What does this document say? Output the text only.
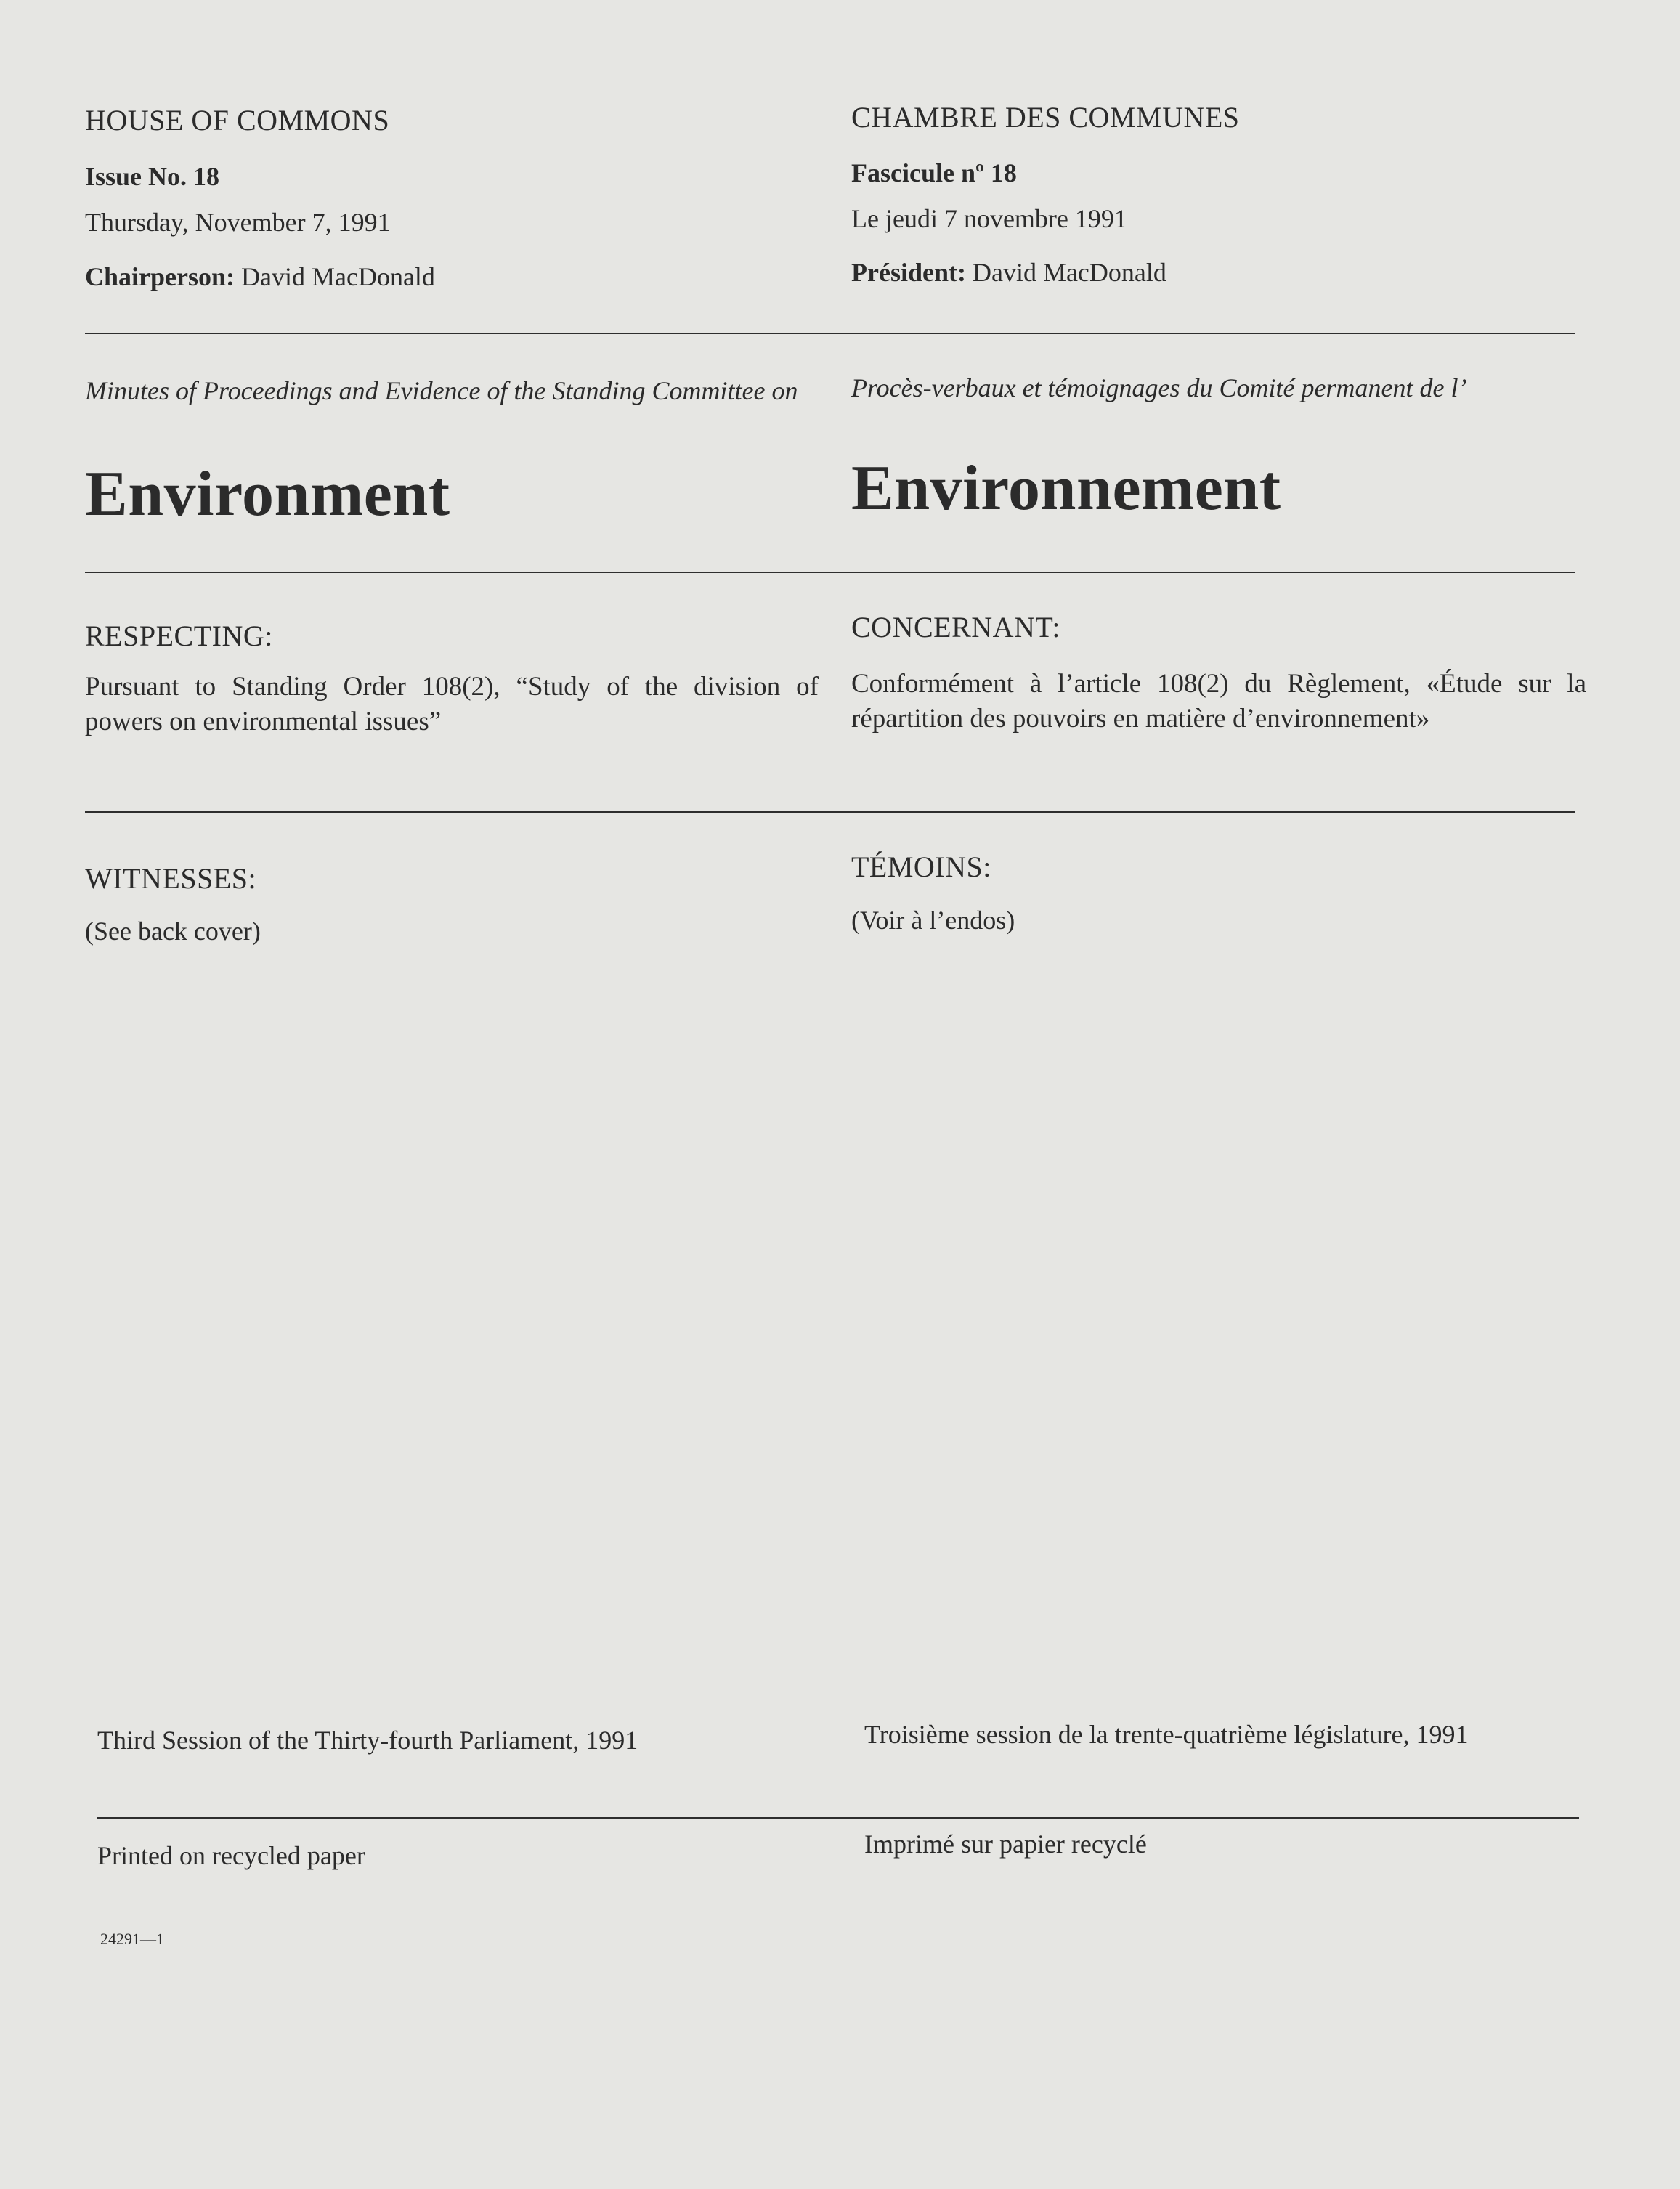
HOUSE OF COMMONS
Issue No. 18
Thursday, November 7, 1991
Chairperson: David MacDonald
Minutes of Proceedings and Evidence of the Standing Committee on
Environment
RESPECTING:
Pursuant to Standing Order 108(2), “Study of the division of powers on environmental issues”
WITNESSES:
(See back cover)
Third Session of the Thirty-fourth Parliament, 1991
Printed on recycled paper
24291—1
CHAMBRE DES COMMUNES
Fascicule nº 18
Le jeudi 7 novembre 1991
Président: David MacDonald
Procès-verbaux et témoignages du Comité permanent de l’
Environnement
CONCERNANT:
Conformément à l’article 108(2) du Règlement, «Étude sur la répartition des pouvoirs en matière d’environnement»
TÉMOINS:
(Voir à l’endos)
Troisième session de la trente-quatrième législature, 1991
Imprimé sur papier recyclé
